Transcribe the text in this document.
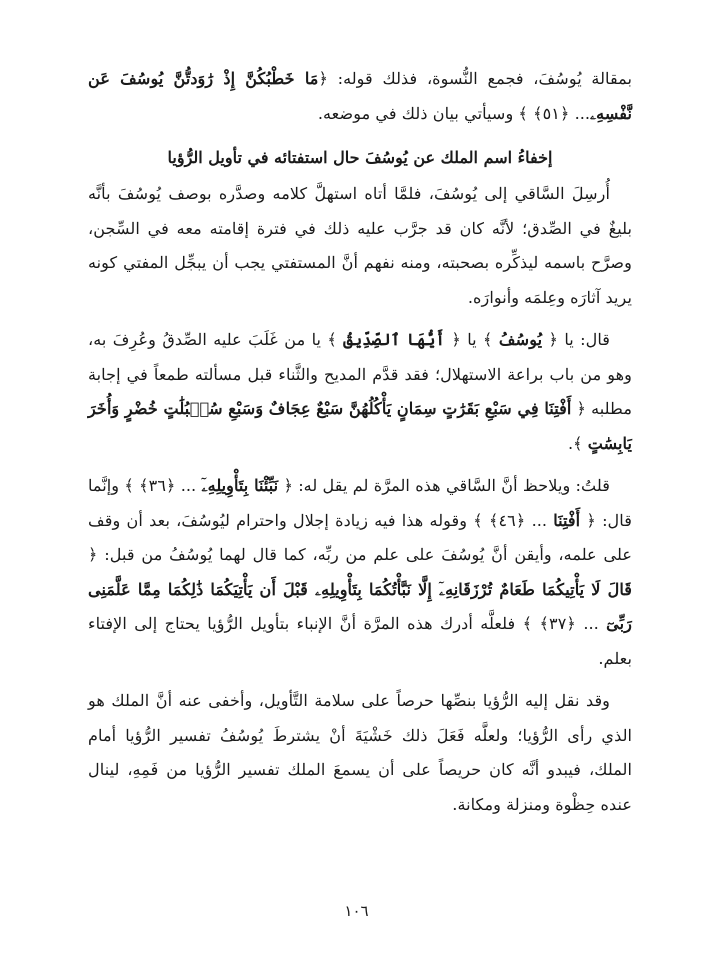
بمقالة يُوسُفَ، فجمع النُّسوة، فذلك قوله: ﴿مَا خَطْبُكُنَّ إِذْ رَٰوَدتُّنَّ يُوسُفَ عَن نَّفْسِهِۦ... ﴿٥١﴾ ﴾ وسيأتي بيان ذلك في موضعه.

إخفاءُ اسم الملك عن يُوسُفَ حال استفتائه في تأويل الرُّؤيا

أُرسِلَ السَّاقي إلى يُوسُفَ، فلمَّا أتاه استهلَّ كلامه وصدَّره بوصف يُوسُفَ بأنَّه بليغٌ في الصِّدق؛ لأنَّه كان قد جرَّب عليه ذلك في فترة إقامته معه في السِّجن، وصرَّح باسمه ليذكِّره بصحبته، ومنه نفهم أنَّ المستفتي يجب أن يبجِّل المفتي كونه يريد آثارَه وعِلمَه وأنوارَه.

قال: يا ﴿ يُوسُفُ ﴾ يا ﴿ أَيُّهَا ٱلصِّدِّيقُ ﴾ يا من غَلَبَ عليه الصِّدقُ وعُرِفَ به، وهو من باب براعة الاستهلال؛ فقد قدَّم المديح والثَّناء قبل مسألته طمعاً في إجابة مطلبه ﴿ أَفْتِنَا فِي سَبْعِ بَقَرَٰتٍ سِمَانٍ يَأْكُلُهُنَّ سَبْعٌ عِجَافٌ وَسَبْعِ سُنۢبُلَٰتٍ خُضْرٍ وَأُخَرَ يَابِسَٰتٍ ﴾.

قلتُ: ويلاحظ أنَّ السَّاقي هذه المرَّة لم يقل له: ﴿ نَبِّئْنَا بِتَأْوِيلِهِۦٓ ... ﴿٣٦﴾ ﴾ وإنَّما قال: ﴿ أَفْتِنَا ... ﴿٤٦﴾ ﴾ وقوله هذا فيه زيادة إجلال واحترام ليُوسُفَ، بعد أن وقف على علمه، وأيقن أنَّ يُوسُفَ على علم من ربِّه، كما قال لهما يُوسُفُ من قبل: ﴿ قَالَ لَا يَأْتِيكُمَا طَعَامٌ تُرْزَقَانِهِۦٓ إِلَّا نَبَّأْتُكُمَا بِتَأْوِيلِهِۦ قَبْلَ أَن يَأْتِيَكُمَا ذَٰلِكُمَا مِمَّا عَلَّمَنِى رَبِّىٓ ... ﴿٣٧﴾ ﴾ فلعلَّه أدرك هذه المرَّة أنَّ الإنباء بتأويل الرُّؤيا يحتاج إلى الإفتاء بعلم.

وقد نقل إليه الرُّؤيا بنصِّها حرصاً على سلامة التَّأويل، وأخفى عنه أنَّ الملك هو الذي رأى الرُّؤيا؛ ولعلَّه فَعَلَ ذلك خَشْيَةَ أنْ يشترطَ يُوسُفُ تفسير الرُّؤيا أمام الملك، فيبدو أنَّه كان حريصاً على أن يسمعَ الملك تفسير الرُّؤيا من فَمِهِ، لينال عنده حِظْوة ومنزلة ومكانة.

١٠٦
